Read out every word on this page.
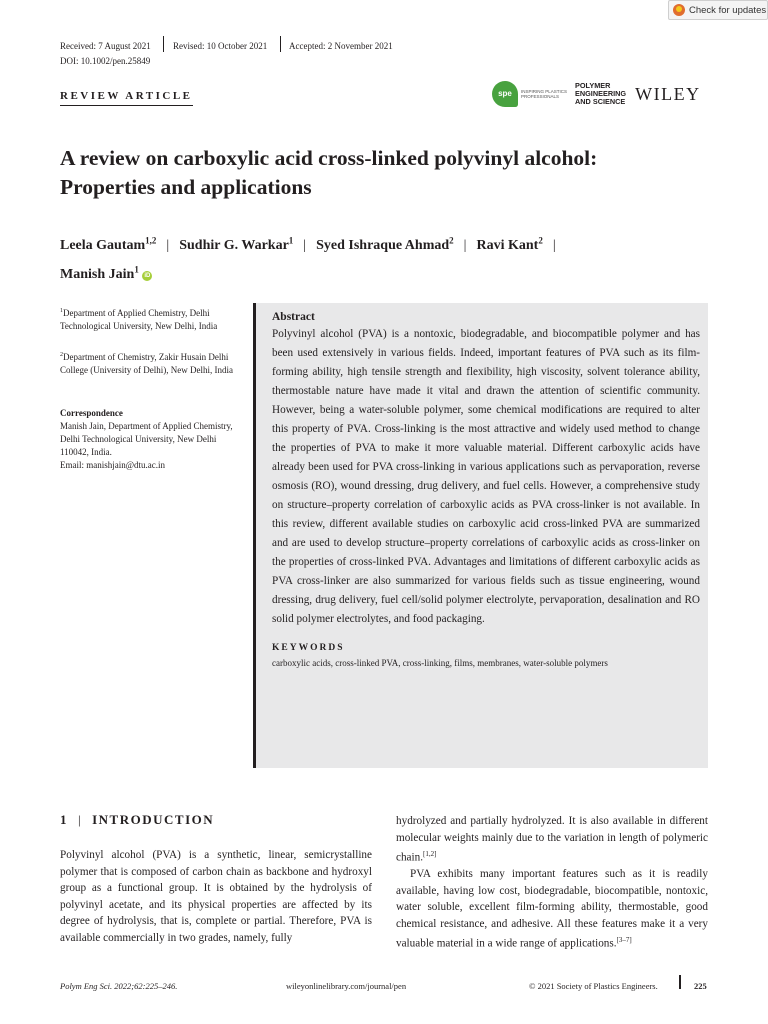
Check for updates
Received: 7 August 2021 Revised: 10 October 2021 Accepted: 2 November 2021
DOI: 10.1002/pen.25849
REVIEW ARTICLE	spe	INSPIRING PLASTICS PROFESSIONALS
POLYMER
ENGINEERING
AND SCIENCE WILEY
A review on carboxylic acid cross-linked polyvinyl alcohol:
Properties and applications
Leela Gautam$^{1,2}$ | Sudhir G. Warkar$^1$ | Syed Ishraque Ahmad$^2$ | Ravi Kant$^2$ |
Manish Jain$^1$ iD
$^1$Department of Applied Chemistry, Delhi Technological University, New Delhi, India
$^2$Department of Chemistry, Zakir Husain Delhi College (University of Delhi), New Delhi, India
Correspondence
Manish Jain, Department of Applied Chemistry, Delhi Technological University, New Delhi 110042, India.
Email: manishjain@dtu.ac.in
Abstract
Polyvinyl alcohol (PVA) is a nontoxic, biodegradable, and biocompatible polymer and has been used extensively in various fields. Indeed, important features of PVA such as its film-forming ability, high tensile strength and flexibility, high viscosity, solvent tolerance ability, thermostable nature have made it vital and drawn the attention of scientific community. However, being a water-soluble polymer, some chemical modifications are required to alter this property of PVA. Cross-linking is the most attractive and widely used method to change the properties of PVA to make it more valuable material. Different carboxylic acids have already been used for PVA cross-linking in various applications such as pervaporation, reverse osmosis (RO), wound dressing, drug delivery, and fuel cells. However, a comprehensive study on structure–property correlation of carboxylic acids as PVA cross-linker is not available. In this review, different available studies on carboxylic acid cross-linked PVA are summarized and are used to develop structure–property correlations of carboxylic acids as cross-linker on the properties of cross-linked PVA. Advantages and limitations of different carboxylic acids as PVA cross-linker are also summarized for various fields such as tissue engineering, wound dressing, drug delivery, fuel cell/solid polymer electrolyte, pervaporation, desalination and RO solid polymer electrolytes, and food packaging.
KEYWORDS
carboxylic acids, cross-linked PVA, cross-linking, films, membranes, water-soluble polymers
1 | INTRODUCTION

Polyvinyl alcohol (PVA) is a synthetic, linear, semicrystalline polymer that is composed of carbon chain as backbone and hydroxyl group as a functional group. It is obtained by the hydrolysis of polyvinyl acetate, and its physical properties are affected by its degree of hydrolysis, that is, complete or partial. Therefore, PVA is available commercially in two grades, namely, fully

hydrolyzed and partially hydrolyzed. It is also available in different molecular weights mainly due to the variation in length of polymeric chain.[1,2]

PVA exhibits many important features such as it is readily available, having low cost, biodegradable, biocompatible, nontoxic, water soluble, excellent film-forming ability, thermostable, good chemical resistance, and adhesive. All these features make it a very valuable material in a wide range of applications.[3–7]

Polym Eng Sci. 2022;62:225–246.	wileyonlinelibrary.com/journal/pen	© 2021 Society of Plastics Engineers.	225
